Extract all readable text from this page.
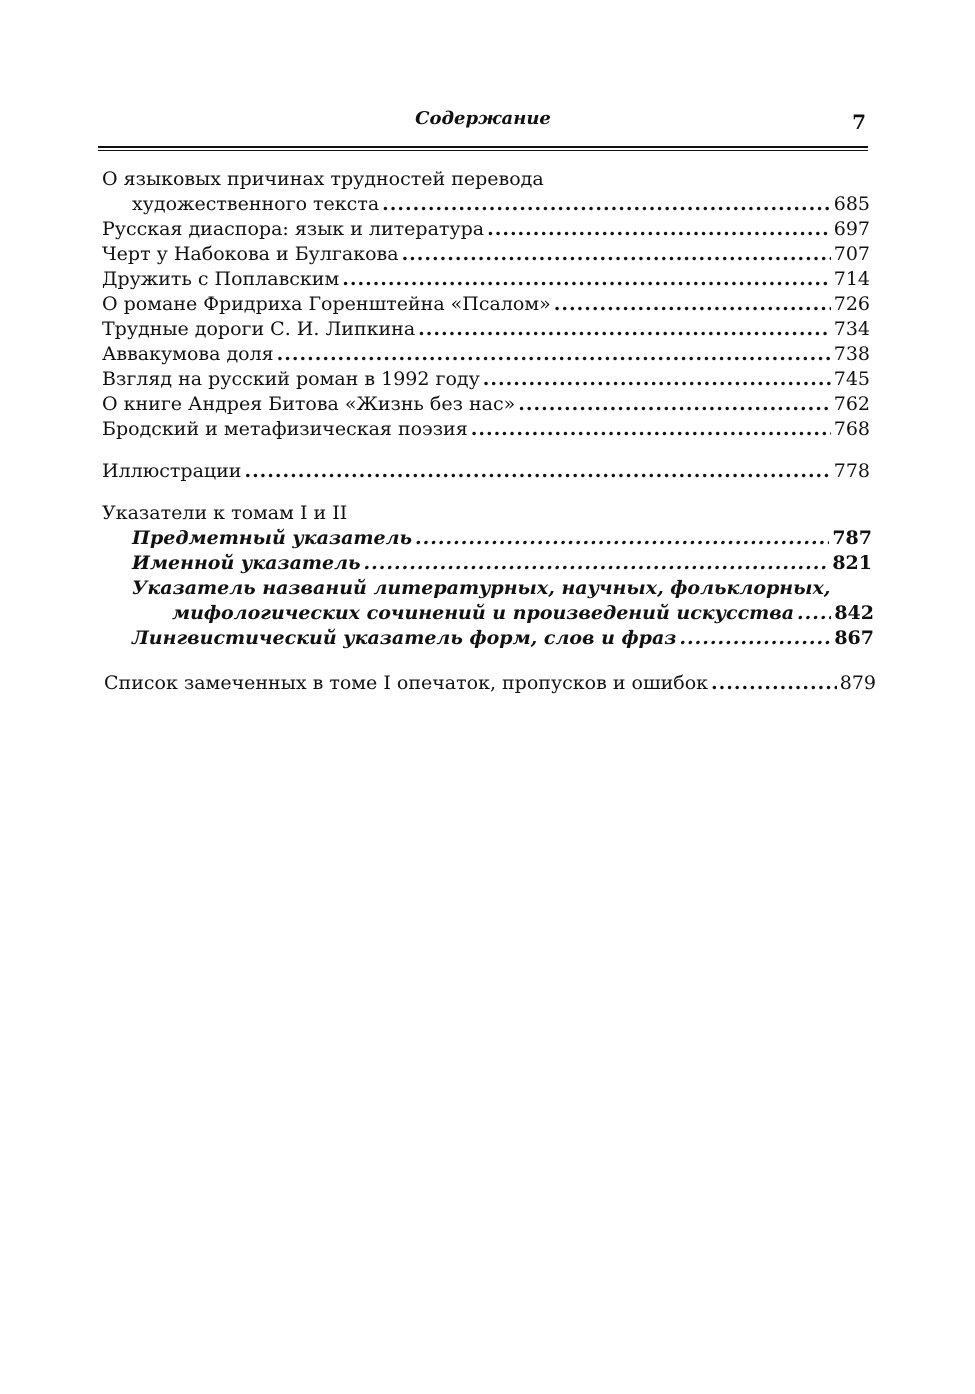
Содержание	7
О языковых причинах трудностей перевода
художественного текста .....	685
Русская диаспора: язык и литература .....	697
Черт у Набокова и Булгакова .....	707
Дружить с Поплавским .....	714
О романе Фридриха Горенштейна «Псалом» .....	726
Трудные дороги С. И. Липкина .....	734
Аввакумова доля .....	738
Взгляд на русский роман в 1992 году .....	745
О книге Андрея Битова «Жизнь без нас» .....	762
Бродский и метафизическая поэзия .....	768
Иллюстрации .....	778
Указатели к томам I и II
Предметный указатель .....	787
Именной указатель .....	821
Указатель названий литературных, научных, фольклорных,
мифологических сочинений и произведений искусства ..... 842
Лингвистический указатель форм, слов и фраз .....	867
Список замеченных в томе I опечаток, пропусков и ошибок .....	879
